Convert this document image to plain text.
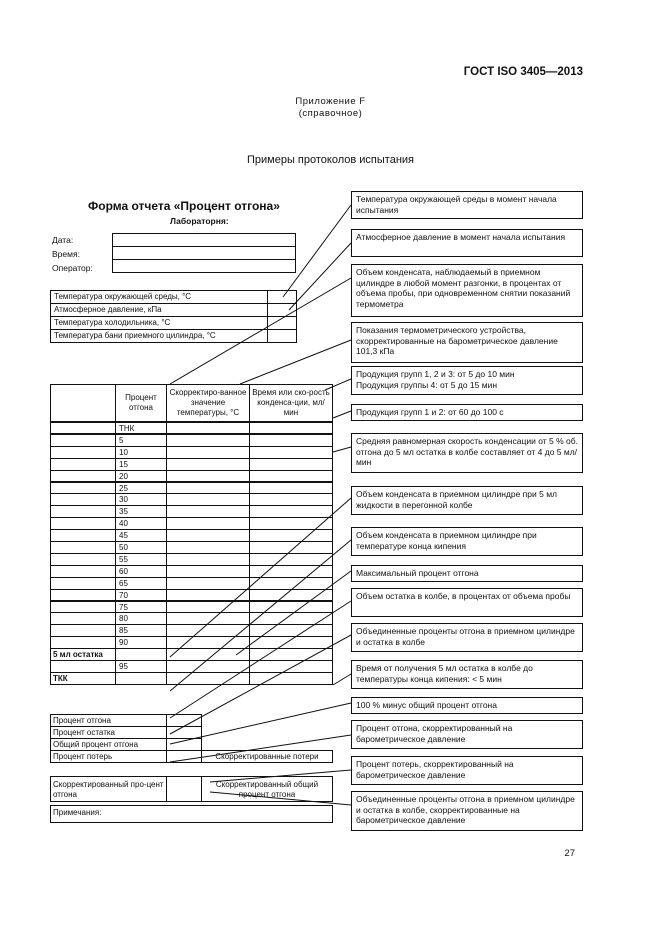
ГОСТ ISO 3405—2013
Приложение F
(справочное)
Примеры протоколов испытания
Форма отчета «Процент отгона»
Лабораторня:
Дата:
Время:
Оператор:
Температура окружающей среды, °С
Атмосферное давление, кПа
Температура холодильника, °С
Температура бани приемного цилиндра, °С
Процент отгона
Скорректиро-ванное значение температуры, °С
Время или ско-рость конденса-ции, мл/мин
ТНК
5
10
15
20
25
30
35
40
45
50
55
60
65
70
75
80
85
90
5 мл остатка
95
ТКК
Процент отгона
Процент остатка
Общий процент отгона
Процент потерь	Скорректированные потери
Скорректированный про-цент отгона
Скорректированный общий процент отгона
Примечания:
Температура окружающей среды в момент начала испытания
Атмосферное давление в момент начала испытания
Объем конденсата, наблюдаемый в приемном цилиндре в любой момент разгонки, в процентах от объема пробы, при одновременном снятии показаний термометра
Показания термометрического устройства, скорректированные на барометрическое давление 101,3 кПа
Продукция групп 1, 2 и 3: от 5 до 10 мин
Продукция группы 4: от 5 до 15 мин
Продукция групп 1 и 2: от 60 до 100 с
Средняя равномерная скорость конденсации от 5 % об. отгона до 5 мл остатка в колбе составляет от 4 до 5 мл/мин
Объем конденсата в приемном цилиндре при 5 мл жидкости в перегонной колбе
Объем конденсата в приемном цилиндре при температуре конца кипения
Максимальный процент отгона
Объем остатка в колбе, в процентах от объема пробы
Объединенные проценты отгона в приемном цилиндре и остатка в колбе
Время от получения 5 мл остатка в колбе до температуры конца кипения: < 5 мин
100 % минус общий процент отгона
Процент отгона, скорректированный на барометрическое давление
Процент потерь, скорректированный на барометрическое давление
Объединенные проценты отгона в приемном цилиндре и остатка в колбе, скорректированные на барометрическое давление
27
